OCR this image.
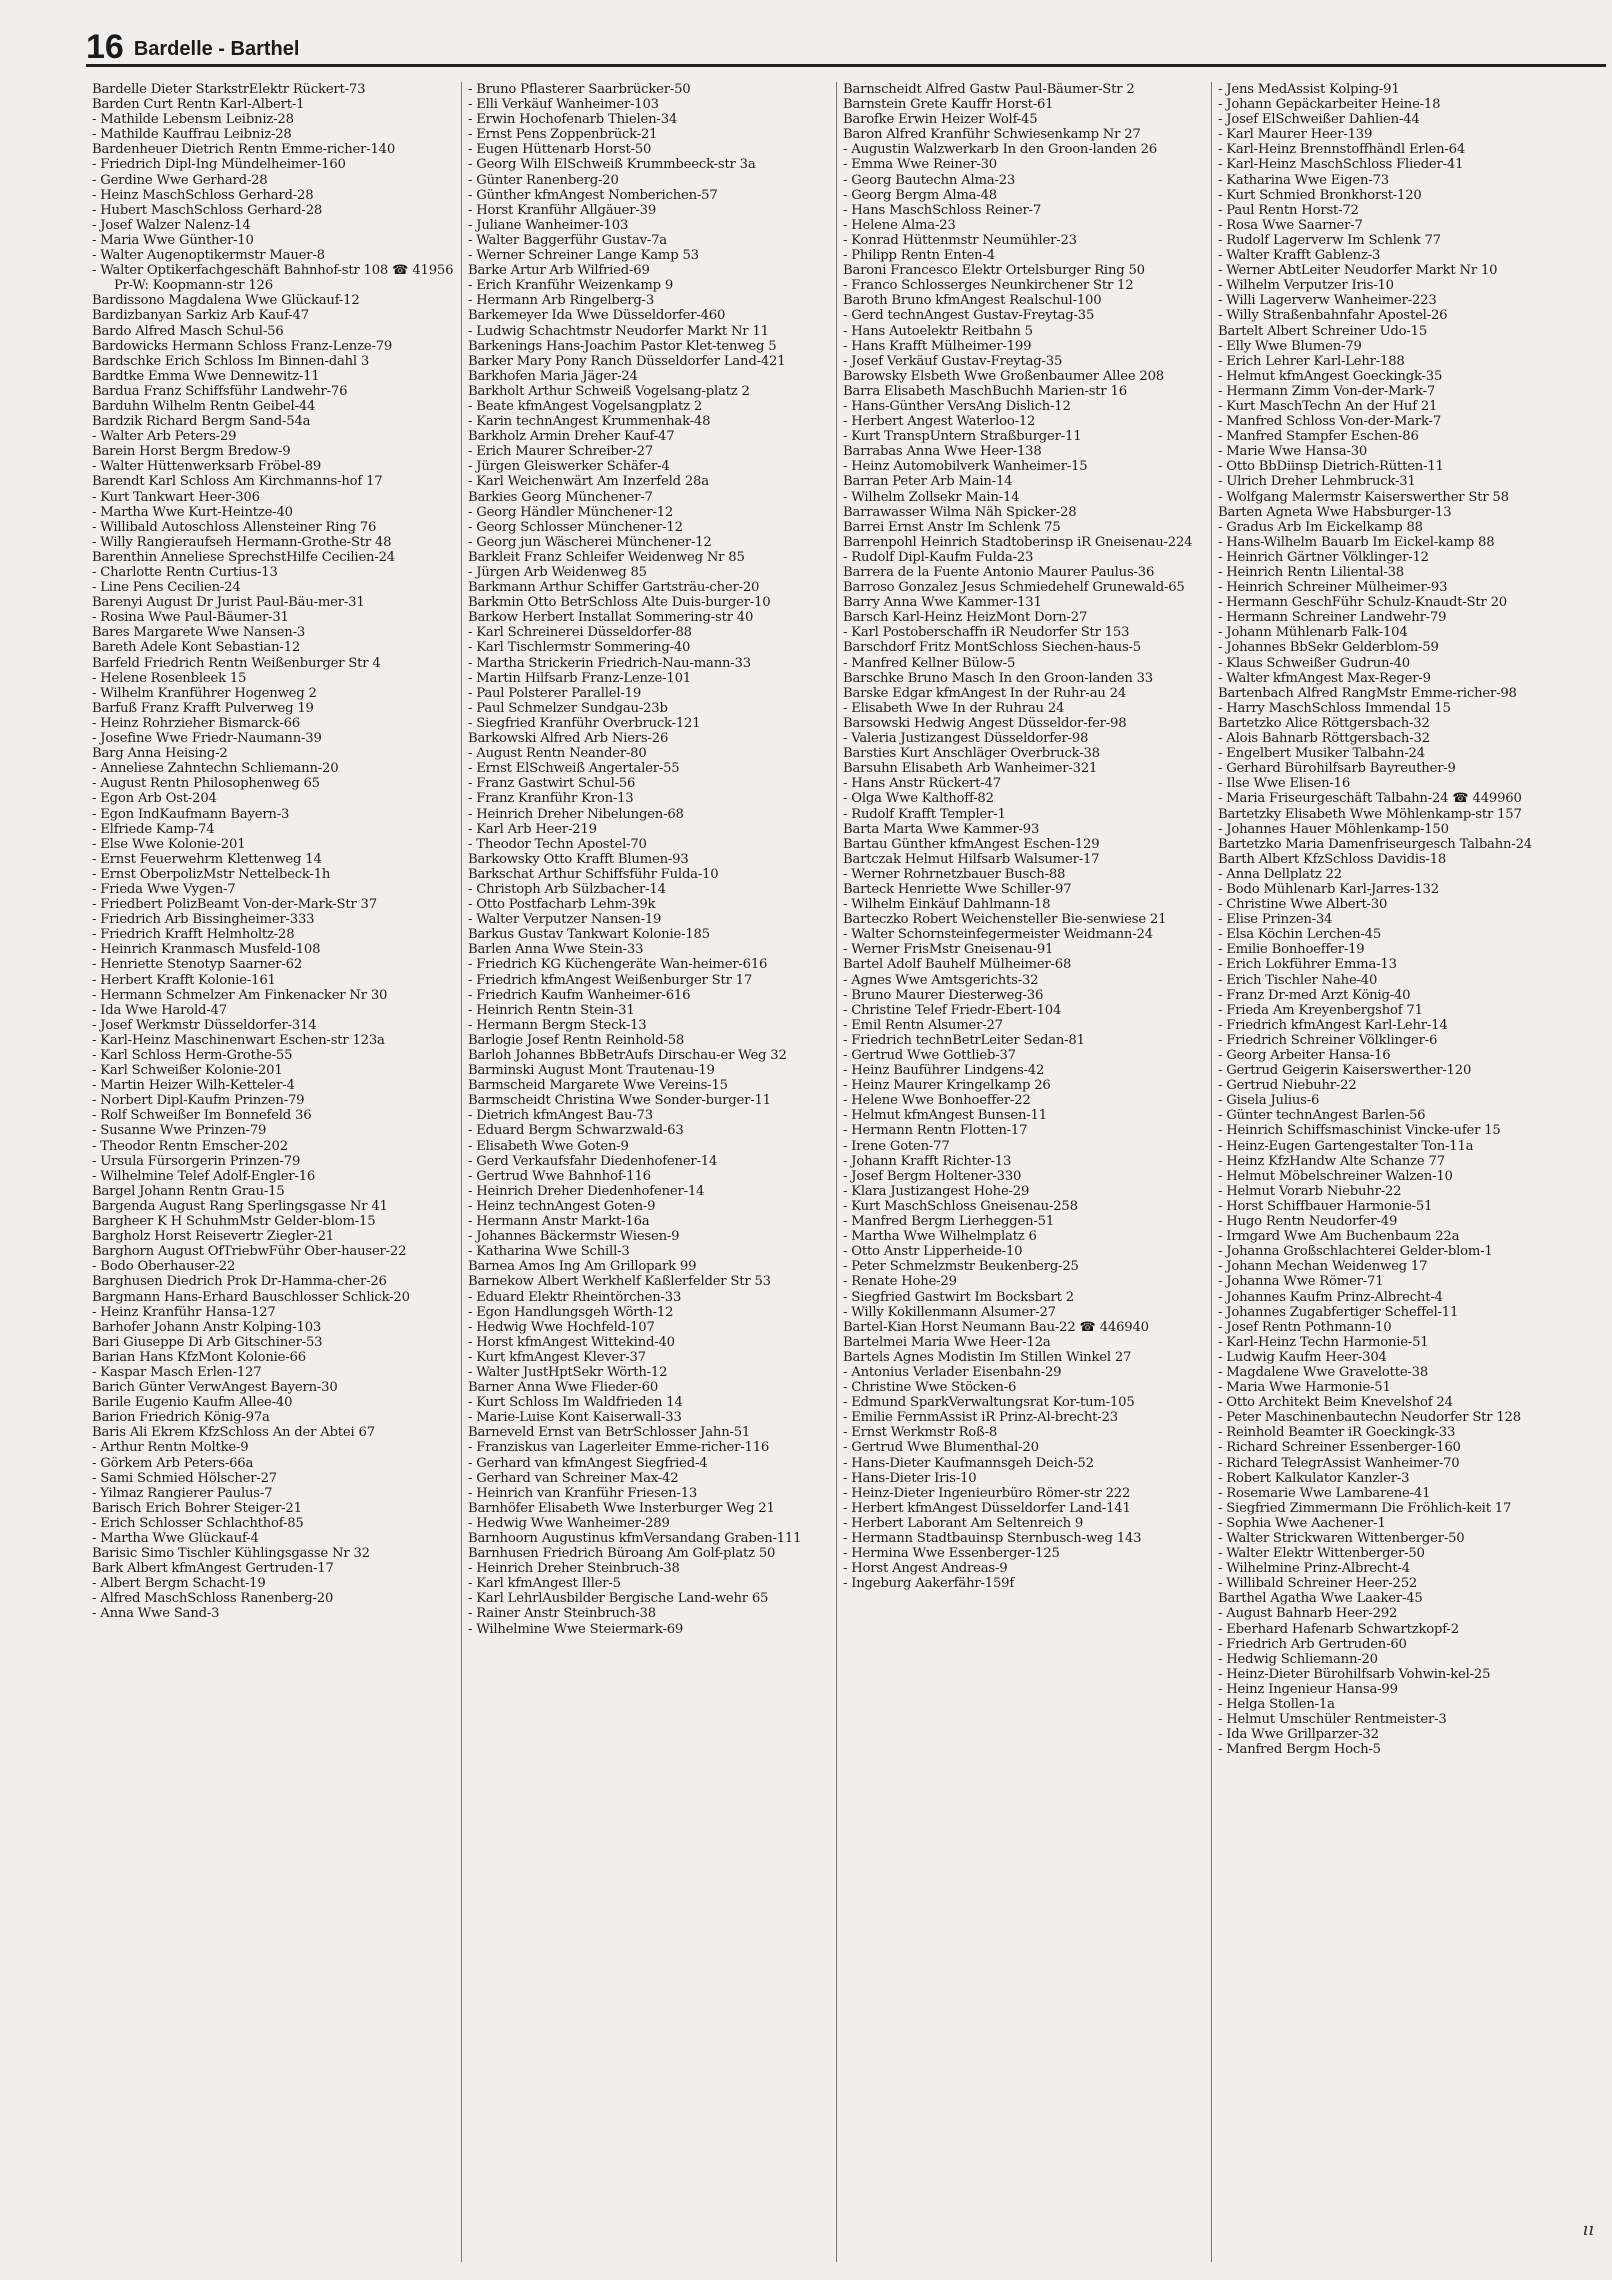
16 Bardelle - Barthel

Bardelle Dieter StarkstrElektr Rückert-73

Barden Curt Rentn Karl-Albert-1

- Mathilde Lebensm Leibniz-28

- Mathilde Kauffrau Leibniz-28

Bardenheuer Dietrich Rentn Emme-richer-140

- Friedrich Dipl-Ing Mündelheimer-160

- Gerdine Wwe Gerhard-28

- Heinz MaschSchloss Gerhard-28

- Hubert MaschSchloss Gerhard-28

- Josef Walzer Nalenz-14

- Maria Wwe Günther-10

- Walter Augenoptikermstr Mauer-8

- Walter Optikerfachgeschäft Bahnhof-str 108 ☎ 41956 Pr-W: Koopmann-str 126

Bardissono Magdalena Wwe Glückauf-12

Bardizbanyan Sarkiz Arb Kauf-47

Bardo Alfred Masch Schul-56

Bardowicks Hermann Schloss Franz-Lenze-79

Bardschke Erich Schloss Im Binnen-dahl 3

Bardtke Emma Wwe Dennewitz-11

Bardua Franz Schiffsführ Landwehr-76

Barduhn Wilhelm Rentn Geibel-44

Bardzik Richard Bergm Sand-54a

- Walter Arb Peters-29

Barein Horst Bergm Bredow-9

- Walter Hüttenwerksarb Fröbel-89

Barendt Karl Schloss Am Kirchmanns-hof 17

- Kurt Tankwart Heer-306

- Martha Wwe Kurt-Heintze-40

- Willibald Autoschloss Allensteiner Ring 76

- Willy Rangieraufseh Hermann-Grothe-Str 48

Barenthin Anneliese SprechstHilfe Cecilien-24

- Charlotte Rentn Curtius-13

- Line Pens Cecilien-24

Barenyi August Dr Jurist Paul-Bäu-mer-31

- Rosina Wwe Paul-Bäumer-31

Bares Margarete Wwe Nansen-3

Bareth Adele Kont Sebastian-12

Barfeld Friedrich Rentn Weißenburger Str 4

- Helene Rosenbleek 15

- Wilhelm Kranführer Hogenweg 2

Barfuß Franz Krafft Pulverweg 19

- Heinz Rohrzieher Bismarck-66

- Josefine Wwe Friedr-Naumann-39

Barg Anna Heising-2

- Anneliese Zahntechn Schliemann-20

- August Rentn Philosophenweg 65

- Egon Arb Ost-204

- Egon IndKaufmann Bayern-3

- Elfriede Kamp-74

- Else Wwe Kolonie-201

- Ernst Feuerwehrm Klettenweg 14

- Ernst OberpolizMstr Nettelbeck-1h

- Frieda Wwe Vygen-7

- Friedbert PolizBeamt Von-der-Mark-Str 37

- Friedrich Arb Bissingheimer-333

- Friedrich Krafft Helmholtz-28

- Heinrich Kranmasch Musfeld-108

- Henriette Stenotyp Saarner-62

- Herbert Krafft Kolonie-161

- Hermann Schmelzer Am Finkenacker Nr 30

- Ida Wwe Harold-47

- Josef Werkmstr Düsseldorfer-314

- Karl-Heinz Maschinenwart Eschen-str 123a

- Karl Schloss Herm-Grothe-55

- Karl Schweißer Kolonie-201

- Martin Heizer Wilh-Ketteler-4

- Norbert Dipl-Kaufm Prinzen-79

- Rolf Schweißer Im Bonnefeld 36

- Susanne Wwe Prinzen-79

- Theodor Rentn Emscher-202

- Ursula Fürsorgerin Prinzen-79

- Wilhelmine Telef Adolf-Engler-16

Bargel Johann Rentn Grau-15

Bargenda August Rang Sperlingsgasse Nr 41

Bargheer K H SchuhmMstr Gelder-blom-15

Bargholz Horst Reisevertr Ziegler-21

Barghorn August OfTriebwFühr Ober-hauser-22

- Bodo Oberhauser-22

Barghusen Diedrich Prok Dr-Hamma-cher-26

Bargmann Hans-Erhard Bauschlosser Schlick-20

- Heinz Kranführ Hansa-127

Barhofer Johann Anstr Kolping-103

Bari Giuseppe Di Arb Gitschiner-53

Barian Hans KfzMont Kolonie-66

- Kaspar Masch Erlen-127

Barich Günter VerwAngest Bayern-30

Barile Eugenio Kaufm Allee-40

Barion Friedrich König-97a

Baris Ali Ekrem KfzSchloss An der Abtei 67

- Arthur Rentn Moltke-9

- Görkem Arb Peters-66a

- Sami Schmied Hölscher-27

- Yilmaz Rangierer Paulus-7

Barisch Erich Bohrer Steiger-21

- Erich Schlosser Schlachthof-85

- Martha Wwe Glückauf-4

Barisic Simo Tischler Kühlingsgasse Nr 32

Bark Albert kfmAngest Gertruden-17

- Albert Bergm Schacht-19

- Alfred MaschSchloss Ranenberg-20

- Anna Wwe Sand-3

- Bruno Pflasterer Saarbrücker-50

- Elli Verkäuf Wanheimer-103

- Erwin Hochofenarb Thielen-34

- Ernst Pens Zoppenbrück-21

- Eugen Hüttenarb Horst-50

- Georg Wilh ElSchweiß Krummbeeck-str 3a

- Günter Ranenberg-20

- Günther kfmAngest Nomberichen-57

- Horst Kranführ Allgäuer-39

- Juliane Wanheimer-103

- Walter Baggerführ Gustav-7a

- Werner Schreiner Lange Kamp 53

Barke Artur Arb Wilfried-69

- Erich Kranführ Weizenkamp 9

- Hermann Arb Ringelberg-3

Barkemeyer Ida Wwe Düsseldorfer-460

- Ludwig Schachtmstr Neudorfer Markt Nr 11

Barkenings Hans-Joachim Pastor Klet-tenweg 5

Barker Mary Pony Ranch Düsseldorfer Land-421

Barkhofen Maria Jäger-24

Barkholt Arthur Schweiß Vogelsang-platz 2

- Beate kfmAngest Vogelsangplatz 2

- Karin technAngest Krummenhak-48

Barkholz Armin Dreher Kauf-47

- Erich Maurer Schreiber-27

- Jürgen Gleiswerker Schäfer-4

- Karl Weichenwärt Am Inzerfeld 28a

Barkies Georg Münchener-7

- Georg Händler Münchener-12

- Georg Schlosser Münchener-12

- Georg jun Wäscherei Münchener-12

Barkleit Franz Schleifer Weidenweg Nr 85

- Jürgen Arb Weidenweg 85

Barkmann Arthur Schiffer Gartsträu-cher-20

Barkmin Otto BetrSchloss Alte Duis-burger-10

Barkow Herbert Installat Sommering-str 40

- Karl Schreinerei Düsseldorfer-88

- Karl Tischlermstr Sommering-40

- Martha Strickerin Friedrich-Nau-mann-33

- Martin Hilfsarb Franz-Lenze-101

- Paul Polsterer Parallel-19

- Paul Schmelzer Sundgau-23b

- Siegfried Kranführ Overbruck-121

Barkowski Alfred Arb Niers-26

- August Rentn Neander-80

- Ernst ElSchweiß Angertaler-55

- Franz Gastwirt Schul-56

- Franz Kranführ Kron-13

- Heinrich Dreher Nibelungen-68

- Karl Arb Heer-219

- Theodor Techn Apostel-70

Barkowsky Otto Krafft Blumen-93

Barkschat Arthur Schiffsführ Fulda-10

- Christoph Arb Sülzbacher-14

- Otto Postfacharb Lehm-39k

- Walter Verputzer Nansen-19

Barkus Gustav Tankwart Kolonie-185

Barlen Anna Wwe Stein-33

- Friedrich KG Küchengeräte Wan-heimer-616

- Friedrich kfmAngest Weißenburger Str 17

- Friedrich Kaufm Wanheimer-616

- Heinrich Rentn Stein-31

- Hermann Bergm Steck-13

Barlogie Josef Rentn Reinhold-58

Barloh Johannes BbBetrAufs Dirschau-er Weg 32

Barminski August Mont Trautenau-19

Barmscheid Margarete Wwe Vereins-15

Barmscheidt Christina Wwe Sonder-burger-11

- Dietrich kfmAngest Bau-73

- Eduard Bergm Schwarzwald-63

- Elisabeth Wwe Goten-9

- Gerd Verkaufsfahr Diedenhofener-14

- Gertrud Wwe Bahnhof-116

- Heinrich Dreher Diedenhofener-14

- Heinz technAngest Goten-9

- Hermann Anstr Markt-16a

- Johannes Bäckermstr Wiesen-9

- Katharina Wwe Schill-3

Barnea Amos Ing Am Grillopark 99

Barnekow Albert Werkhelf Kaßlerfelder Str 53

- Eduard Elektr Rheintörchen-33

- Egon Handlungsgeh Wörth-12

- Hedwig Wwe Hochfeld-107

- Horst kfmAngest Wittekind-40

- Kurt kfmAngest Klever-37

- Walter JustHptSekr Wörth-12

Barner Anna Wwe Flieder-60

- Kurt Schloss Im Waldfrieden 14

- Marie-Luise Kont Kaiserwall-33

Barneveld Ernst van BetrSchlosser Jahn-51

- Franziskus van Lagerleiter Emme-richer-116

- Gerhard van kfmAngest Siegfried-4

- Gerhard van Schreiner Max-42

- Heinrich van Kranführ Friesen-13

Barnhöfer Elisabeth Wwe Insterburger Weg 21

- Hedwig Wwe Wanheimer-289

Barnhoorn Augustinus kfmVersandang Graben-111

Barnhusen Friedrich Büroang Am Golf-platz 50

- Heinrich Dreher Steinbruch-38

- Karl kfmAngest Iller-5

- Karl LehrlAusbilder Bergische Land-wehr 65

- Rainer Anstr Steinbruch-38

- Wilhelmine Wwe Steiermark-69

Barnscheidt Alfred Gastw Paul-Bäumer-Str 2

Barnstein Grete Kauffr Horst-61

Barofke Erwin Heizer Wolf-45

Baron Alfred Kranführ Schwiesenkamp Nr 27

- Augustin Walzwerkarb In den Groon-landen 26

- Emma Wwe Reiner-30

- Georg Bautechn Alma-23

- Georg Bergm Alma-48

- Hans MaschSchloss Reiner-7

- Helene Alma-23

- Konrad Hüttenmstr Neumühler-23

- Philipp Rentn Enten-4

Baroni Francesco Elektr Ortelsburger Ring 50

- Franco Schlosserges Neunkirchener Str 12

Baroth Bruno kfmAngest Realschul-100

- Gerd technAngest Gustav-Freytag-35

- Hans Autoelektr Reitbahn 5

- Hans Krafft Mülheimer-199

- Josef Verkäuf Gustav-Freytag-35

Barowsky Elsbeth Wwe Großenbaumer Allee 208

Barra Elisabeth MaschBuchh Marien-str 16

- Hans-Günther VersAng Dislich-12

- Herbert Angest Waterloo-12

- Kurt TranspUntern Straßburger-11

Barrabas Anna Wwe Heer-138

- Heinz Automobilverk Wanheimer-15

Barran Peter Arb Main-14

- Wilhelm Zollsekr Main-14

Barrawasser Wilma Näh Spicker-28

Barrei Ernst Anstr Im Schlenk 75

Barrenpohl Heinrich Stadtoberinsp iR Gneisenau-224

- Rudolf Dipl-Kaufm Fulda-23

Barrera de la Fuente Antonio Maurer Paulus-36

Barroso Gonzalez Jesus Schmiedehelf Grunewald-65

Barry Anna Wwe Kammer-131

Barsch Karl-Heinz HeizMont Dorn-27

- Karl Postoberschaffn iR Neudorfer Str 153

Barschdorf Fritz MontSchloss Siechen-haus-5

- Manfred Kellner Bülow-5

Barschke Bruno Masch In den Groon-landen 33

Barske Edgar kfmAngest In der Ruhr-au 24

- Elisabeth Wwe In der Ruhrau 24

Barsowski Hedwig Angest Düsseldor-fer-98

- Valeria Justizangest Düsseldorfer-98

Barsties Kurt Anschläger Overbruck-38

Barsuhn Elisabeth Arb Wanheimer-321

- Hans Anstr Rückert-47

- Olga Wwe Kalthoff-82

- Rudolf Krafft Templer-1

Barta Marta Wwe Kammer-93

Bartau Günther kfmAngest Eschen-129

Bartczak Helmut Hilfsarb Walsumer-17

- Werner Rohrnetzbauer Busch-88

Barteck Henriette Wwe Schiller-97

- Wilhelm Einkäuf Dahlmann-18

Barteczko Robert Weichensteller Bie-senwiese 21

- Walter Schornsteinfegermeister Weidmann-24

- Werner FrisMstr Gneisenau-91

Bartel Adolf Bauhelf Mülheimer-68

- Agnes Wwe Amtsgerichts-32

- Bruno Maurer Diesterweg-36

- Christine Telef Friedr-Ebert-104

- Emil Rentn Alsumer-27

- Friedrich technBetrLeiter Sedan-81

- Gertrud Wwe Gottlieb-37

- Heinz Bauführer Lindgens-42

- Heinz Maurer Kringelkamp 26

- Helene Wwe Bonhoeffer-22

- Helmut kfmAngest Bunsen-11

- Hermann Rentn Flotten-17

- Irene Goten-77

- Johann Krafft Richter-13

- Josef Bergm Holtener-330

- Klara Justizangest Hohe-29

- Kurt MaschSchloss Gneisenau-258

- Manfred Bergm Lierheggen-51

- Martha Wwe Wilhelmplatz 6

- Otto Anstr Lipperheide-10

- Peter Schmelzmstr Beukenberg-25

- Renate Hohe-29

- Siegfried Gastwirt Im Bocksbart 2

- Willy Kokillenmann Alsumer-27

Bartel-Kian Horst Neumann Bau-22 ☎ 446940

Bartelmei Maria Wwe Heer-12a

Bartels Agnes Modistin Im Stillen Winkel 27

- Antonius Verlader Eisenbahn-29

- Christine Wwe Stöcken-6

- Edmund SparkVerwaltungsrat Kor-tum-105

- Emilie FernmAssist iR Prinz-Al-brecht-23

- Ernst Werkmstr Roß-8

- Gertrud Wwe Blumenthal-20

- Hans-Dieter Kaufmannsgeh Deich-52

- Hans-Dieter Iris-10

- Heinz-Dieter Ingenieurbüro Römer-str 222

- Herbert kfmAngest Düsseldorfer Land-141

- Herbert Laborant Am Seltenreich 9

- Hermann Stadtbauinsp Sternbusch-weg 143

- Hermina Wwe Essenberger-125

- Horst Angest Andreas-9

- Ingeburg Aakerfähr-159f

- Jens MedAssist Kolping-91

- Johann Gepäckarbeiter Heine-18

- Josef ElSchweißer Dahlien-44

- Karl Maurer Heer-139

- Karl-Heinz Brennstoffhändl Erlen-64

- Karl-Heinz MaschSchloss Flieder-41

- Katharina Wwe Eigen-73

- Kurt Schmied Bronkhorst-120

- Paul Rentn Horst-72

- Rosa Wwe Saarner-7

- Rudolf Lagerverw Im Schlenk 77

- Walter Krafft Gablenz-3

- Werner AbtLeiter Neudorfer Markt Nr 10

- Wilhelm Verputzer Iris-10

- Willi Lagerverw Wanheimer-223

- Willy Straßenbahnfahr Apostel-26

Bartelt Albert Schreiner Udo-15

- Elly Wwe Blumen-79

- Erich Lehrer Karl-Lehr-188

- Helmut kfmAngest Goeckingk-35

- Hermann Zimm Von-der-Mark-7

- Kurt MaschTechn An der Huf 21

- Manfred Schloss Von-der-Mark-7

- Manfred Stampfer Eschen-86

- Marie Wwe Hansa-30

- Otto BbDiinsp Dietrich-Rütten-11

- Ulrich Dreher Lehmbruck-31

- Wolfgang Malermstr Kaiserswerther Str 58

Barten Agneta Wwe Habsburger-13

- Gradus Arb Im Eickelkamp 88

- Hans-Wilhelm Bauarb Im Eickel-kamp 88

- Heinrich Gärtner Völklinger-12

- Heinrich Rentn Liliental-38

- Heinrich Schreiner Mülheimer-93

- Hermann GeschFühr Schulz-Knaudt-Str 20

- Hermann Schreiner Landwehr-79

- Johann Mühlenarb Falk-104

- Johannes BbSekr Gelderblom-59

- Klaus Schweißer Gudrun-40

- Walter kfmAngest Max-Reger-9

Bartenbach Alfred RangMstr Emme-richer-98

- Harry MaschSchloss Immendal 15

Bartetzko Alice Röttgersbach-32

- Alois Bahnarb Röttgersbach-32

- Engelbert Musiker Talbahn-24

- Gerhard Bürohilfsarb Bayreuther-9

- Ilse Wwe Elisen-16

- Maria Friseurgeschäft Talbahn-24 ☎ 449960

Bartetzky Elisabeth Wwe Möhlenkamp-str 157

- Johannes Hauer Möhlenkamp-150

Bartetzko Maria Damenfriseurgesch Talbahn-24

Barth Albert KfzSchloss Davidis-18

- Anna Dellplatz 22

- Bodo Mühlenarb Karl-Jarres-132

- Christine Wwe Albert-30

- Elise Prinzen-34

- Elsa Köchin Lerchen-45

- Emilie Bonhoeffer-19

- Erich Lokführer Emma-13

- Erich Tischler Nahe-40

- Franz Dr-med Arzt König-40

- Frieda Am Kreyenbergshof 71

- Friedrich kfmAngest Karl-Lehr-14

- Friedrich Schreiner Völklinger-6

- Georg Arbeiter Hansa-16

- Gertrud Geigerin Kaiserswerther-120

- Gertrud Niebuhr-22

- Gisela Julius-6

- Günter technAngest Barlen-56

- Heinrich Schiffsmaschinist Vincke-ufer 15

- Heinz-Eugen Gartengestalter Ton-11a

- Heinz KfzHandw Alte Schanze 77

- Helmut Möbelschreiner Walzen-10

- Helmut Vorarb Niebuhr-22

- Horst Schiffbauer Harmonie-51

- Hugo Rentn Neudorfer-49

- Irmgard Wwe Am Buchenbaum 22a

- Johanna Großschlachterei Gelder-blom-1

- Johann Mechan Weidenweg 17

- Johanna Wwe Römer-71

- Johannes Kaufm Prinz-Albrecht-4

- Johannes Zugabfertiger Scheffel-11

- Josef Rentn Pothmann-10

- Karl-Heinz Techn Harmonie-51

- Ludwig Kaufm Heer-304

- Magdalene Wwe Gravelotte-38

- Maria Wwe Harmonie-51

- Otto Architekt Beim Knevelshof 24

- Peter Maschinenbautechn Neudorfer Str 128

- Reinhold Beamter iR Goeckingk-33

- Richard Schreiner Essenberger-160

- Richard TelegrAssist Wanheimer-70

- Robert Kalkulator Kanzler-3

- Rosemarie Wwe Lambarene-41

- Siegfried Zimmermann Die Fröhlich-keit 17

- Sophia Wwe Aachener-1

- Walter Strickwaren Wittenberger-50

- Walter Elektr Wittenberger-50

- Wilhelmine Prinz-Albrecht-4

- Willibald Schreiner Heer-252

Barthel Agatha Wwe Laaker-45

- August Bahnarb Heer-292

- Eberhard Hafenarb Schwartzkopf-2

- Friedrich Arb Gertruden-60

- Hedwig Schliemann-20

- Heinz-Dieter Bürohilfsarb Vohwin-kel-25

- Heinz Ingenieur Hansa-99

- Helga Stollen-1a

- Helmut Umschüler Rentmeister-3

- Ida Wwe Grillparzer-32

- Manfred Bergm Hoch-5

ıı
